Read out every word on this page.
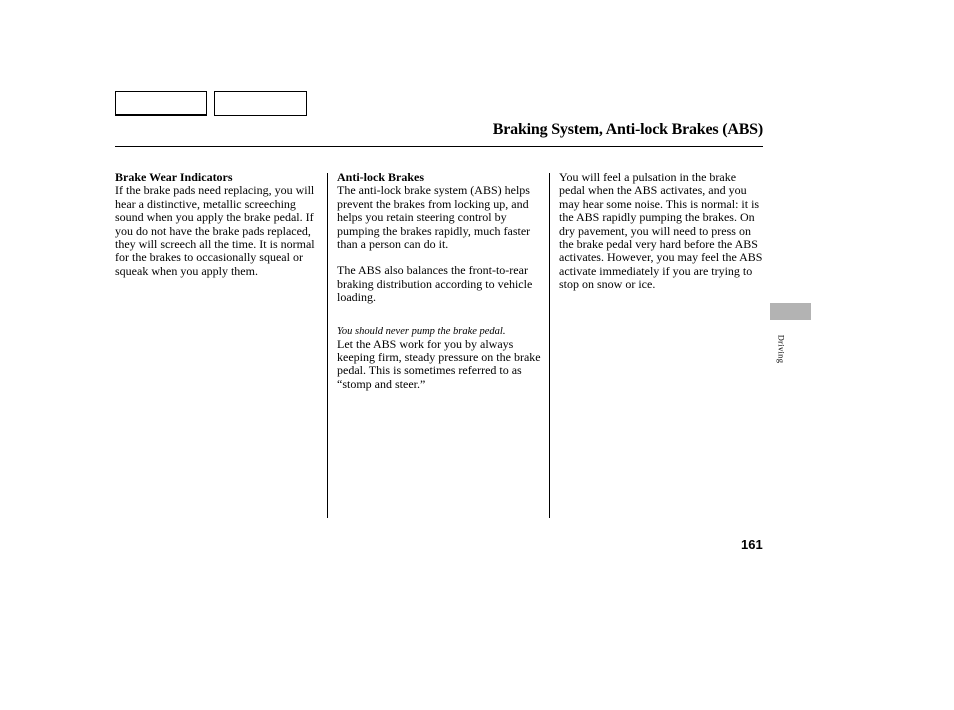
Braking System, Anti-lock Brakes (ABS)
Brake Wear Indicators

If the brake pads need replacing, you will hear a distinctive, metallic screeching sound when you apply the brake pedal. If you do not have the brake pads replaced, they will screech all the time. It is normal for the brakes to occasionally squeal or squeak when you apply them.

Anti-lock Brakes

The anti-lock brake system (ABS) helps prevent the brakes from locking up, and helps you retain steering control by pumping the brakes rapidly, much faster than a person can do it.

The ABS also balances the front-to-rear braking distribution according to vehicle loading.

You should never pump the brake pedal.

Let the ABS work for you by always keeping firm, steady pressure on the brake pedal. This is sometimes referred to as “stomp and steer.”

You will feel a pulsation in the brake pedal when the ABS activates, and you may hear some noise. This is normal: it is the ABS rapidly pumping the brakes. On dry pavement, you will need to press on the brake pedal very hard before the ABS activates. However, you may feel the ABS activate immediately if you are trying to stop on snow or ice.

Driving
161
